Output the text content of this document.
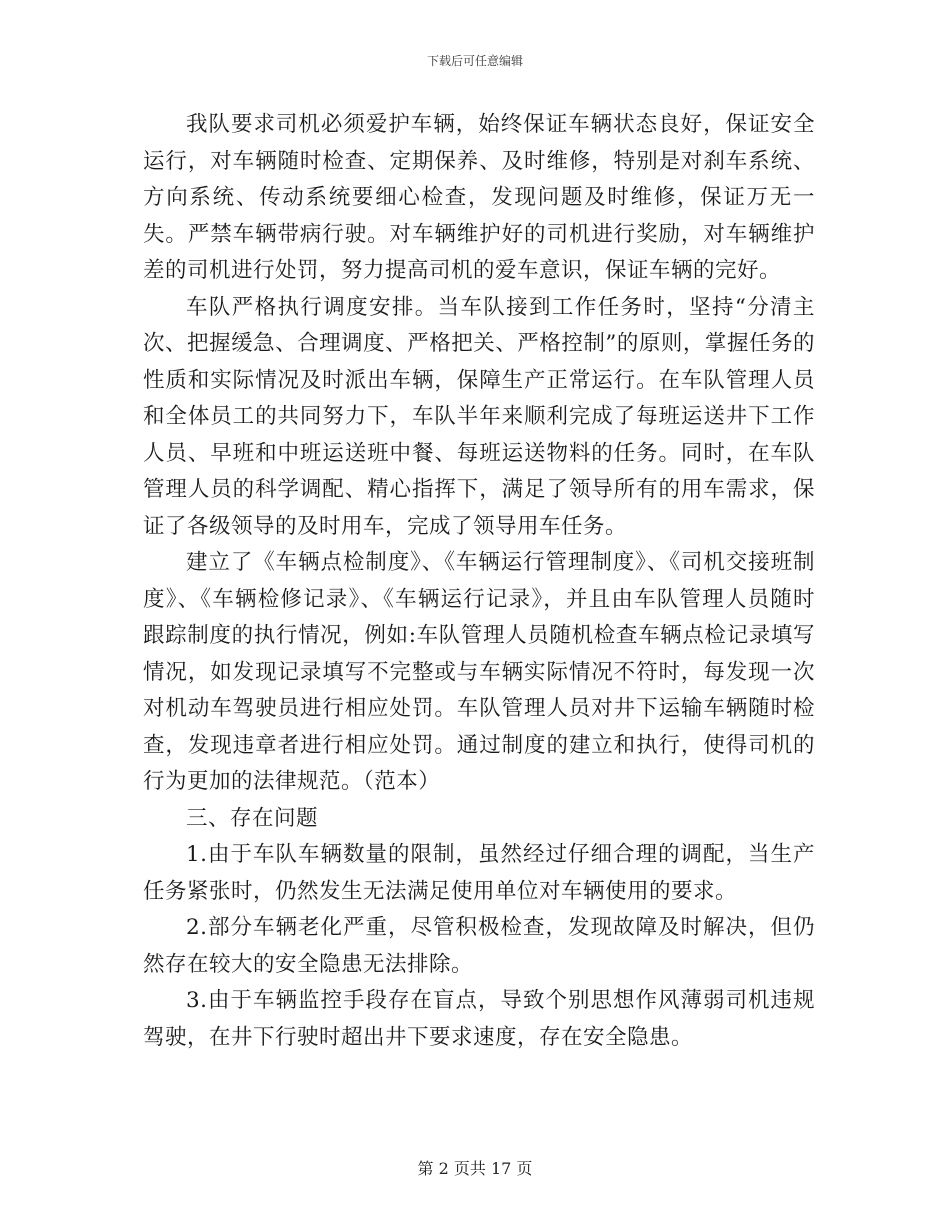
下载后可任意编辑

我队要求司机必须爱护车辆，始终保证车辆状态良好，保证安全运行，对车辆随时检查、定期保养、及时维修，特别是对刹车系统、方向系统、传动系统要细心检查，发现问题及时维修，保证万无一失。严禁车辆带病行驶。对车辆维护好的司机进行奖励，对车辆维护差的司机进行处罚，努力提高司机的爱车意识，保证车辆的完好。

车队严格执行调度安排。当车队接到工作任务时，坚持“分清主次、把握缓急、合理调度、严格把关、严格控制”的原则，掌握任务的性质和实际情况及时派出车辆，保障生产正常运行。在车队管理人员和全体员工的共同努力下，车队半年来顺利完成了每班运送井下工作人员、早班和中班运送班中餐、每班运送物料的任务。同时，在车队管理人员的科学调配、精心指挥下，满足了领导所有的用车需求，保证了各级领导的及时用车，完成了领导用车任务。

建立了《车辆点检制度》、《车辆运行管理制度》、《司机交接班制度》、《车辆检修记录》、《车辆运行记录》，并且由车队管理人员随时跟踪制度的执行情况，例如:车队管理人员随机检查车辆点检记录填写情况，如发现记录填写不完整或与车辆实际情况不符时，每发现一次对机动车驾驶员进行相应处罚。车队管理人员对井下运输车辆随时检查，发现违章者进行相应处罚。通过制度的建立和执行，使得司机的行为更加的法律规范。（范本）

三、存在问题

1.由于车队车辆数量的限制，虽然经过仔细合理的调配，当生产任务紧张时，仍然发生无法满足使用单位对车辆使用的要求。

2.部分车辆老化严重，尽管积极检查，发现故障及时解决，但仍然存在较大的安全隐患无法排除。

3.由于车辆监控手段存在盲点，导致个别思想作风薄弱司机违规驾驶，在井下行驶时超出井下要求速度，存在安全隐患。

第 2 页共 17 页
